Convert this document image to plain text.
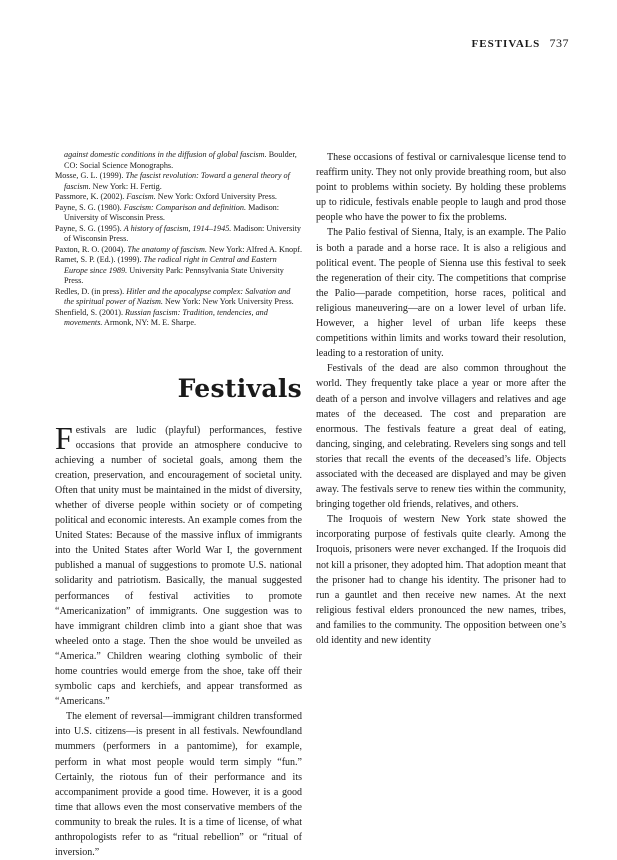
FESTIVALS 737

against domestic conditions in the diffusion of global fascism. Boulder, CO: Social Science Monographs.

Mosse, G. L. (1999). The fascist revolution: Toward a general theory of fascism. New York: H. Fertig.

Passmore, K. (2002). Fascism. New York: Oxford University Press.

Payne, S. G. (1980). Fascism: Comparison and definition. Madison: University of Wisconsin Press.

Payne, S. G. (1995). A history of fascism, 1914–1945. Madison: University of Wisconsin Press.

Paxton, R. O. (2004). The anatomy of fascism. New York: Alfred A. Knopf.

Ramet, S. P. (Ed.). (1999). The radical right in Central and Eastern Europe since 1989. University Park: Pennsylvania State University Press.

Redles, D. (in press). Hitler and the apocalypse complex: Salvation and the spiritual power of Nazism. New York: New York University Press.

Shenfield, S. (2001). Russian fascism: Tradition, tendencies, and movements. Armonk, NY: M. E. Sharpe.

Festivals

Festivals are ludic (playful) performances, festive occasions that provide an atmosphere conducive to achieving a number of societal goals, among them the creation, preservation, and encouragement of societal unity. Often that unity must be maintained in the midst of diversity, whether of diverse people within society or of competing political and economic interests. An example comes from the United States: Because of the massive influx of immigrants into the United States after World War I, the government published a manual of suggestions to promote U.S. national solidarity and patriotism. Basically, the manual suggested performances of festival activities to promote “Americanization” of immigrants. One suggestion was to have immigrant children climb into a giant shoe that was wheeled onto a stage. Then the shoe would be unveiled as “America.” Children wearing clothing symbolic of their home countries would emerge from the shoe, take off their symbolic caps and kerchiefs, and appear transformed as “Americans.”

The element of reversal—immigrant children transformed into U.S. citizens—is present in all festivals. Newfoundland mummers (performers in a pantomime), for example, perform in what most people would term simply “fun.” Certainly, the riotous fun of their performance and its accompaniment provide a good time. However, it is a good time that allows even the most conservative members of the community to break the rules. It is a time of license, of what anthropologists refer to as “ritual rebellion” or “ritual of inversion.”

These occasions of festival or carnivalesque license tend to reaffirm unity. They not only provide breathing room, but also point to problems within society. By holding these problems up to ridicule, festivals enable people to laugh and prod those people who have the power to fix the problems.

The Palio festival of Sienna, Italy, is an example. The Palio is both a parade and a horse race. It is also a religious and political event. The people of Sienna use this festival to seek the regeneration of their city. The competitions that comprise the Palio—parade competition, horse races, political and religious maneuvering—are on a lower level of urban life. However, a higher level of urban life keeps these competitions within limits and works toward their resolution, leading to a restoration of unity.

Festivals of the dead are also common throughout the world. They frequently take place a year or more after the death of a person and involve villagers and relatives and age mates of the deceased. The cost and preparation are enormous. The festivals feature a great deal of eating, dancing, singing, and celebrating. Revelers sing songs and tell stories that recall the events of the deceased’s life. Objects associated with the deceased are displayed and may be given away. The festivals serve to renew ties within the community, bringing together old friends, relatives, and others.

The Iroquois of western New York state showed the incorporating purpose of festivals quite clearly. Among the Iroquois, prisoners were never exchanged. If the Iroquois did not kill a prisoner, they adopted him. That adoption meant that the prisoner had to change his identity. The prisoner had to run a gauntlet and then receive new names. At the next religious festival elders pronounced the new names, tribes, and families to the community. The opposition between one’s old identity and new identity
